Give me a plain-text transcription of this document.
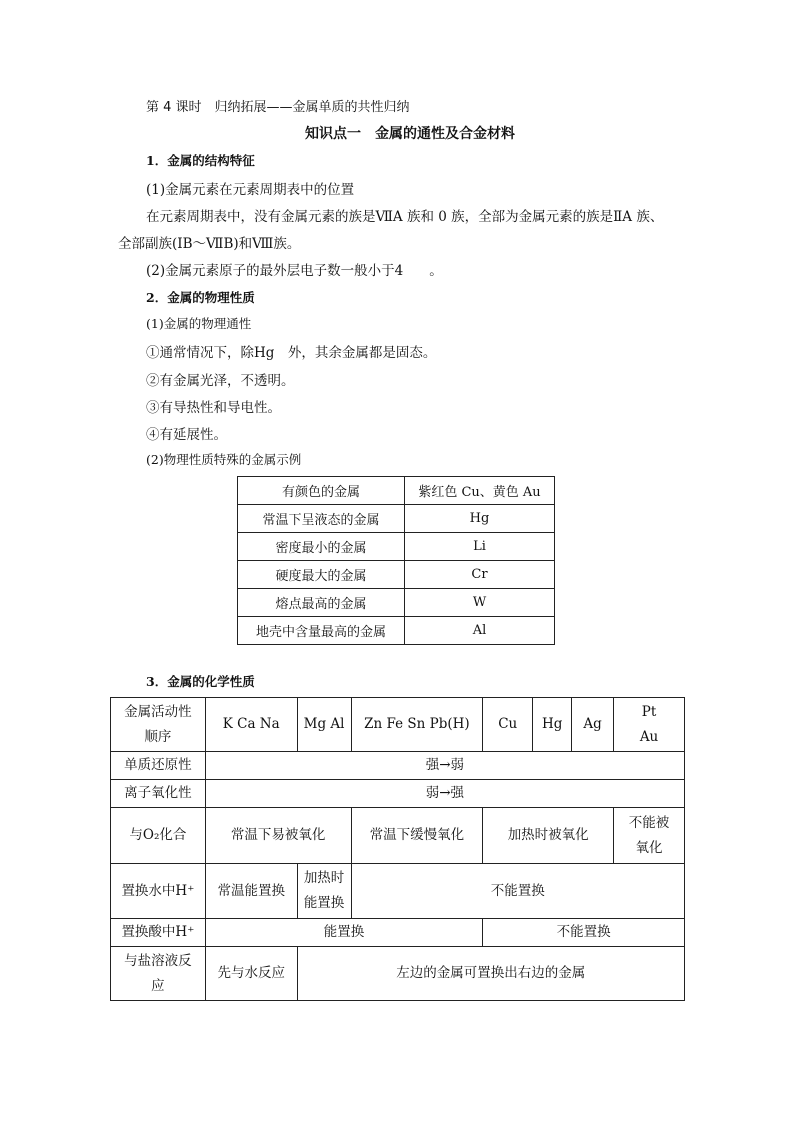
第 4 课时　归纳拓展——金属单质的共性归纳
知识点一　金属的通性及合金材料
1．金属的结构特征
(1)金属元素在元素周期表中的位置
在元素周期表中，没有金属元素的族是ⅦA 族和 0 族，全部为金属元素的族是ⅡA 族、
全部副族(ⅠB～ⅦB)和Ⅷ族。
(2)金属元素原子的最外层电子数一般小于4 。
2．金属的物理性质
(1)金属的物理通性
①通常情况下，除Hg　外，其余金属都是固态。
②有金属光泽，不透明。
③有导热性和导电性。
④有延展性。
(2)物理性质特殊的金属示例
有颜色的金属	紫红色 Cu、黄色 Au
常温下呈液态的金属	Hg
密度最小的金属	Li
硬度最大的金属	Cr
熔点最高的金属	W
地壳中含量最高的金属	Al
3．金属的化学性质
金属活动性
顺序	K Ca Na	Mg Al	Zn Fe Sn Pb(H)	Cu	Hg	Ag	Pt
Au
单质还原性	强→弱						
离子氧化性	弱→强						
与O₂化合	常温下易被氧化		常温下缓慢氧化	加热时被氧化			不能被
氧化
置换水中H⁺	常温能置换	加热时
能置换	不能置换				
置换酸中H⁺	能置换			不能置换			
与盐溶液反
应	先与水反应	左边的金属可置换出右边的金属					
